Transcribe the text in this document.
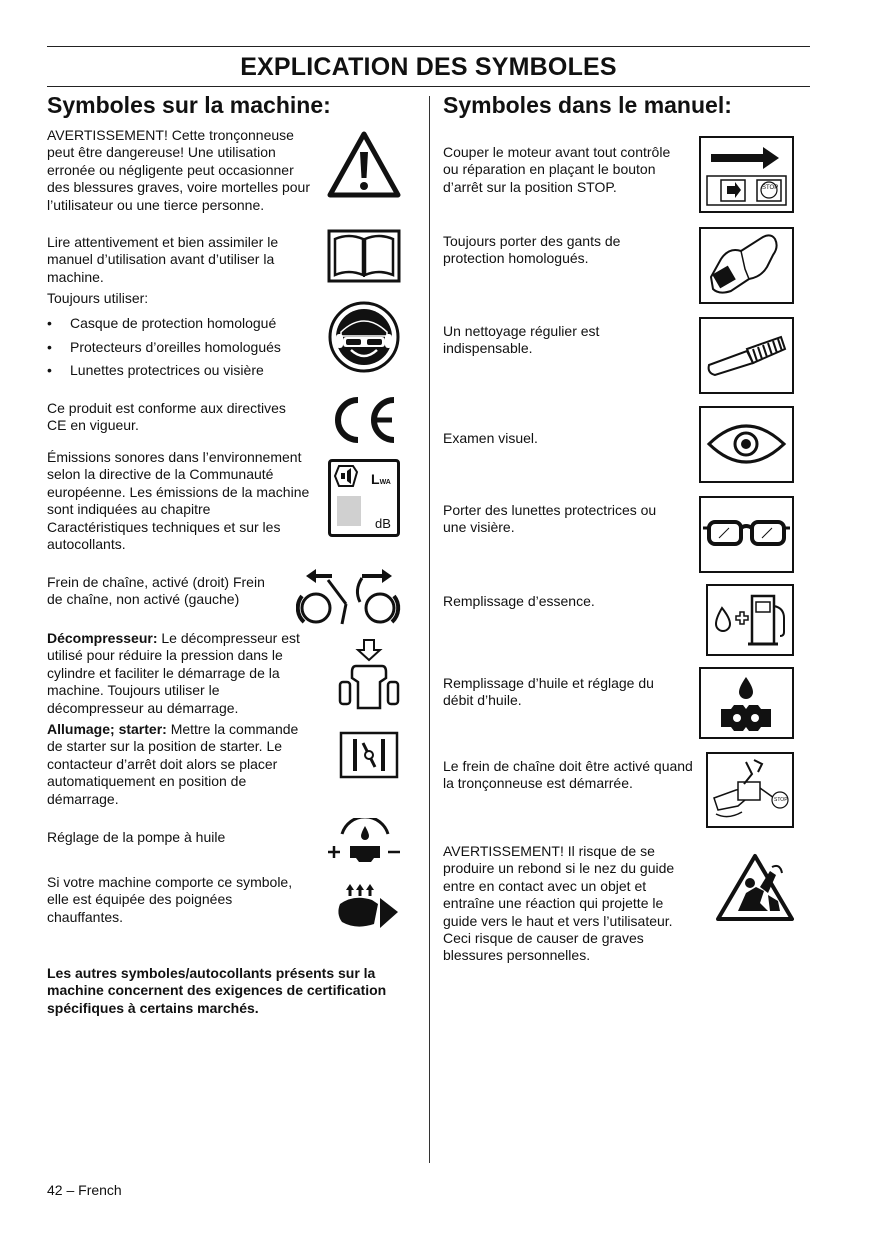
EXPLICATION DES SYMBOLES
Symboles sur la machine:	Symboles dans le manuel:
AVERTISSEMENT! Cette tronçonneuse peut être dangereuse! Une utilisation erronée ou négligente peut occasionner des blessures graves, voire mortelles pour l’utilisateur ou une tierce personne.
Lire attentivement et bien assimiler le manuel d’utilisation avant d’utiliser la machine.
Toujours utiliser:
• Casque de protection homologué
• Protecteurs d’oreilles homologués
• Lunettes protectrices ou visière
Ce produit est conforme aux directives CE en vigueur.
Émissions sonores dans l’environnement selon la directive de la Communauté européenne. Les émissions de la machine sont indiquées au chapitre Caractéristiques techniques et sur les autocollants.
LWA
dB
Frein de chaîne, activé (droit) Frein de chaîne, non activé (gauche)
Décompresseur: Le décompresseur est utilisé pour réduire la pression dans le cylindre et faciliter le démarrage de la machine. Toujours utiliser le décompresseur au démarrage.
Allumage; starter: Mettre la commande de starter sur la position de starter. Le contacteur d’arrêt doit alors se placer automatiquement en position de démarrage.
Réglage de la pompe à huile
Si votre machine comporte ce symbole, elle est équipée des poignées chauffantes.
Les autres symboles/autocollants présents sur la machine concernent des exigences de certification spécifiques à certains marchés.
Couper le moteur avant tout contrôle ou réparation en plaçant le bouton d’arrêt sur la position STOP.	STOP
Toujours porter des gants de protection homologués.
Un nettoyage régulier est indispensable.
Examen visuel.
Porter des lunettes protectrices ou une visière.
Remplissage d’essence.
Remplissage d’huile et réglage du débit d’huile.
Le frein de chaîne doit être activé quand la tronçonneuse est démarrée.
STOP
AVERTISSEMENT! Il risque de se produire un rebond si le nez du guide entre en contact avec un objet et entraîne une réaction qui projette le guide vers le haut et vers l’utilisateur. Ceci risque de causer de graves blessures personnelles.
42 – French
